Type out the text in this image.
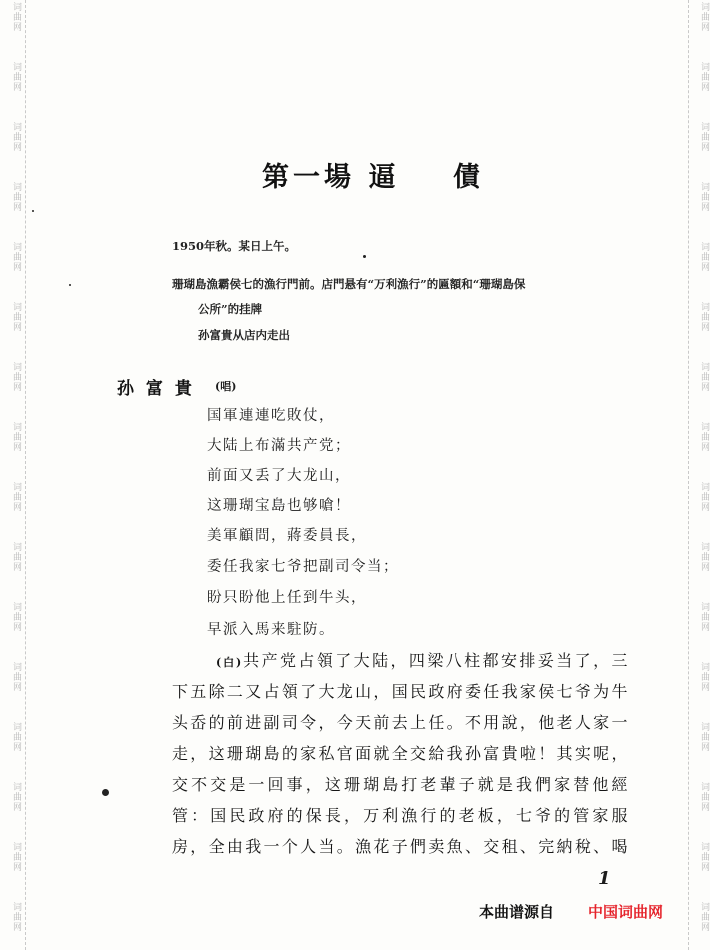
词曲网
词曲网
词曲网
词曲网
词曲网
词曲网
词曲网
词曲网
词曲网
词曲网
词曲网
词曲网
词曲网
词曲网
词曲网
词曲网
词曲网
词曲网
词曲网
词曲网
词曲网
词曲网
词曲网
词曲网
词曲网
词曲网
词曲网
词曲网
词曲网
词曲网
词曲网
词曲网
第一場 逼    債
1950年秋。某日上午。
珊瑚島漁霸侯七的漁行門前。店門悬有“万利漁行”的匾額和“珊瑚島保
公所”的挂牌
孙富貴从店内走出
孙 富 貴 (唱)
国軍連連吃敗仗，
大陆上布滿共产党；
前面又丢了大龙山，
这珊瑚宝島也够嗆！
美軍顧問，蔣委員長，
委任我家七爷把副司令当；
盼只盼他上任到牛头，
早派入馬来駐防。
(白)共产党占領了大陆，四梁八柱都安排妥当了，三
下五除二又占領了大龙山，国民政府委任我家侯七爷为牛
头岙的前进副司令，今天前去上任。不用說，他老人家一
走，这珊瑚島的家私官面就全交給我孙富貴啦！其实呢，
交不交是一回事，这珊瑚島打老輩子就是我們家替他經
管：国民政府的保長，万利漁行的老板，七爷的管家服
房，全由我一个人当。漁花子們卖魚、交租、完納稅、喝
1
本曲谱源自 中国词曲网
